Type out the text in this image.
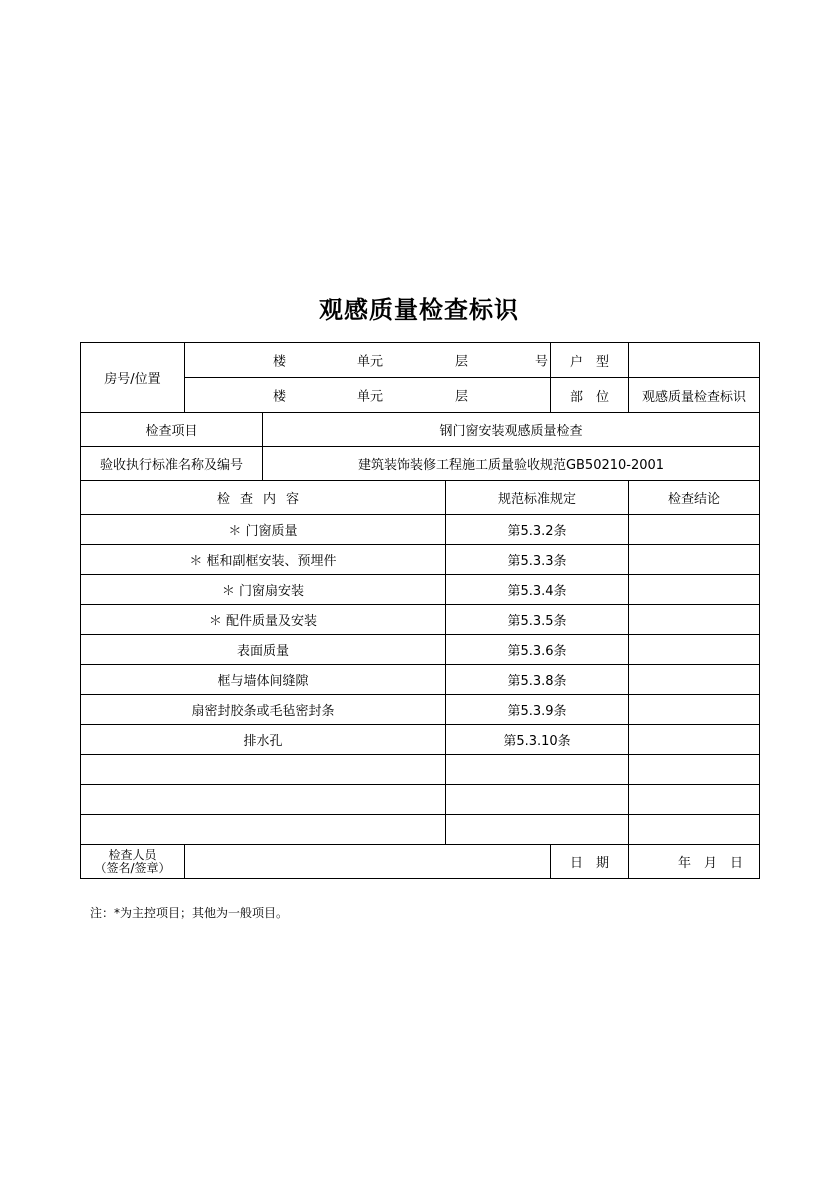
观感质量检查标识
房号/位置	楼 单元 层 号			户　型	

	楼 单元 层			部　位	观感质量检查标识
检查项目		钢门窗安装观感质量检查			
验收执行标准名称及编号		建筑装饰装修工程施工质量验收规范GB50210-2001			
检查内容			规范标准规定		检查结论
＊ 门窗质量			第5.3.2条		
＊ 框和副框安装、预埋件			第5.3.3条		
＊ 门窗扇安装			第5.3.4条		
＊ 配件质量及安装			第5.3.5条		
表面质量			第5.3.6条		
框与墙体间缝隙			第5.3.8条		
扇密封胶条或毛毡密封条			第5.3.9条		
排水孔			第5.3.10条		

检查人员
（签名/签章）				日　期	年　月　日
注：*为主控项目；其他为一般项目。
